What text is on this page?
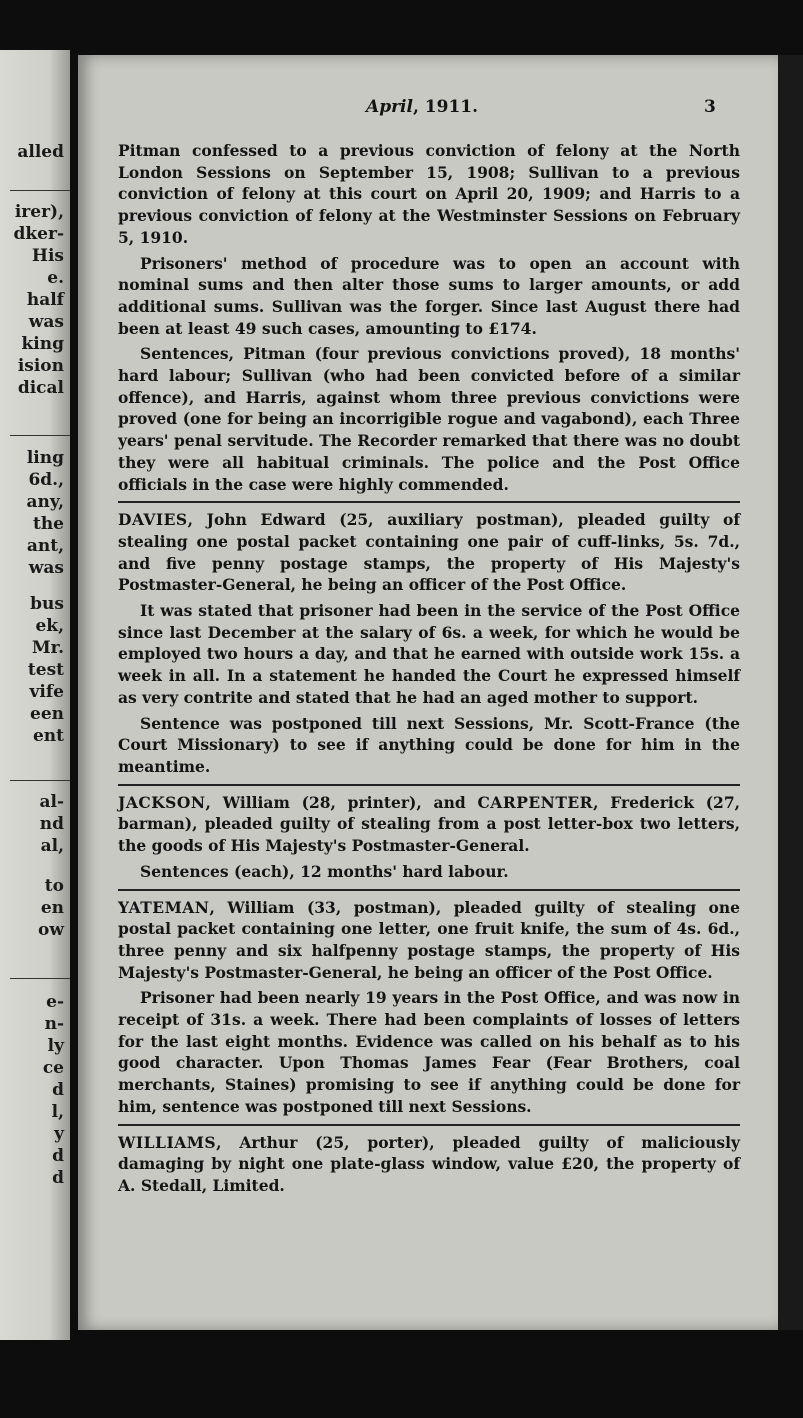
alled
irer),
dker-
His
e.
half
was
king
ision
dical
ling
6d.,
any,
the
ant,
was
bus
ek,
Mr.
test
vife
een
ent
al-
nd
al,
to
en
ow
e-
n-
ly
ce
d
l,
y
d
d
April, 1911.	3

Pitman confessed to a previous conviction of felony at the North London Sessions on September 15, 1908; Sullivan to a previous conviction of felony at this court on April 20, 1909; and Harris to a previous conviction of felony at the Westminster Sessions on February 5, 1910.

Prisoners' method of procedure was to open an account with nominal sums and then alter those sums to larger amounts, or add additional sums. Sullivan was the forger. Since last August there had been at least 49 such cases, amounting to £174.

Sentences, Pitman (four previous convictions proved), 18 months' hard labour; Sullivan (who had been convicted before of a similar offence), and Harris, against whom three previous convictions were proved (one for being an incorrigible rogue and vagabond), each Three years' penal servitude. The Recorder remarked that there was no doubt they were all habitual criminals. The police and the Post Office officials in the case were highly commended.

DAVIES, John Edward (25, auxiliary postman), pleaded guilty of stealing one postal packet containing one pair of cuff-links, 5s. 7d., and five penny postage stamps, the property of His Majesty's Postmaster-General, he being an officer of the Post Office.

It was stated that prisoner had been in the service of the Post Office since last December at the salary of 6s. a week, for which he would be employed two hours a day, and that he earned with outside work 15s. a week in all. In a statement he handed the Court he expressed himself as very contrite and stated that he had an aged mother to support.

Sentence was postponed till next Sessions, Mr. Scott-France (the Court Missionary) to see if anything could be done for him in the meantime.

JACKSON, William (28, printer), and CARPENTER, Frederick (27, barman), pleaded guilty of stealing from a post letter-box two letters, the goods of His Majesty's Postmaster-General.

Sentences (each), 12 months' hard labour.

YATEMAN, William (33, postman), pleaded guilty of stealing one postal packet containing one letter, one fruit knife, the sum of 4s. 6d., three penny and six halfpenny postage stamps, the property of His Majesty's Postmaster-General, he being an officer of the Post Office.

Prisoner had been nearly 19 years in the Post Office, and was now in receipt of 31s. a week. There had been complaints of losses of letters for the last eight months. Evidence was called on his behalf as to his good character. Upon Thomas James Fear (Fear Brothers, coal merchants, Staines) promising to see if anything could be done for him, sentence was postponed till next Sessions.

WILLIAMS, Arthur (25, porter), pleaded guilty of maliciously damaging by night one plate-glass window, value £20, the property of A. Stedall, Limited.
